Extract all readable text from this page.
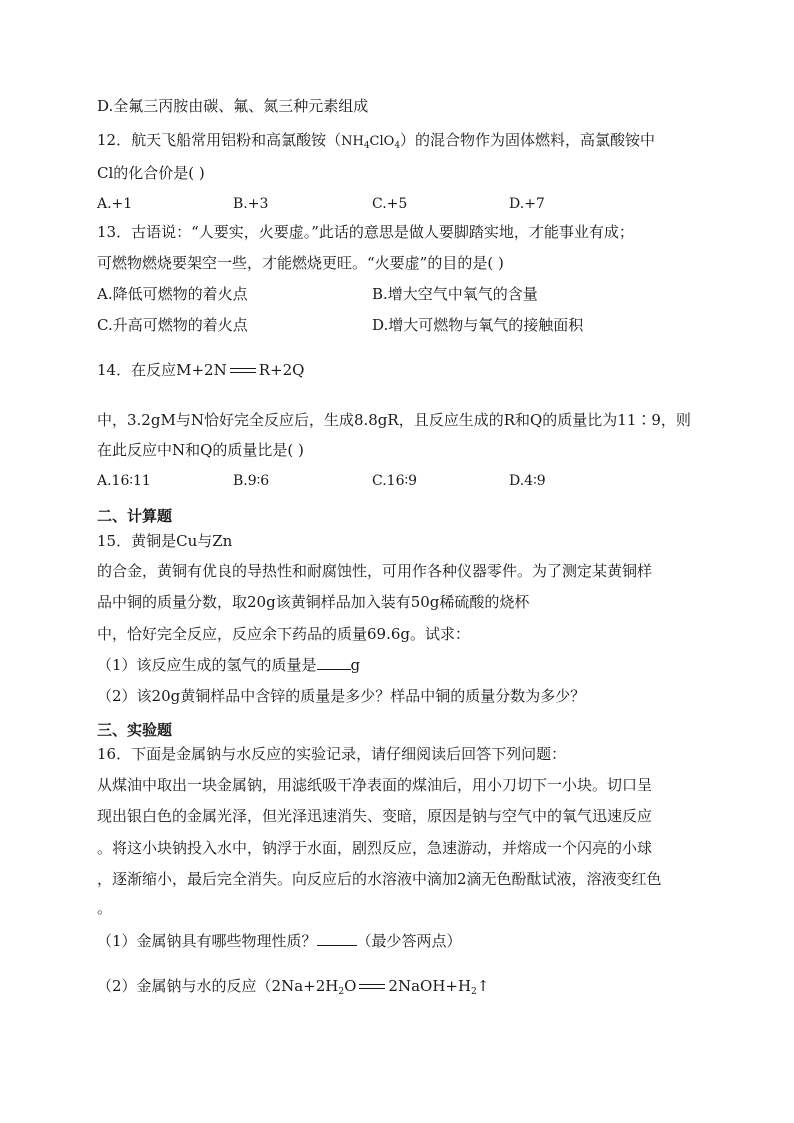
D.全氟三丙胺由碳、氟、氮三种元素组成
12．航天飞船常用铝粉和高氯酸铵$(NH_4ClO_4)$的混合物作为固体燃料，高氯酸铵中
Cl的化合价是( )
A.+1	B.+3	C.+5	D.+7
13．古语说：“人要实，火要虚。”此话的意思是做人要脚踏实地，才能事业有成；
可燃物燃烧要架空一些，才能燃烧更旺。“火要虚”的目的是( )
A.降低可燃物的着火点	B.增大空气中氧气的含量
C.升高可燃物的着火点	D.增大可燃物与氧气的接触面积
14．在反应M+2N R+2Q
中，3.2gM与N恰好完全反应后，生成8.8gR，且反应生成的R和Q的质量比为11∶9，则
在此反应中N和Q的质量比是( )
A.16∶11	B.9∶6	C.16∶9	D.4∶9
二、计算题
15．黄铜是Cu与Zn
的合金，黄铜有优良的导热性和耐腐蚀性，可用作各种仪器零件。为了测定某黄铜样
品中铜的质量分数，取20g该黄铜样品加入装有50g稀硫酸的烧杯
中，恰好完全反应，反应余下药品的质量69.6g。试求：
（1）该反应生成的氢气的质量是 g
（2）该20g黄铜样品中含锌的质量是多少？样品中铜的质量分数为多少？
三、实验题
16．下面是金属钠与水反应的实验记录，请仔细阅读后回答下列问题：
从煤油中取出一块金属钠，用滤纸吸干净表面的煤油后，用小刀切下一小块。切口呈
现出银白色的金属光泽，但光泽迅速消失、变暗，原因是钠与空气中的氧气迅速反应
。将这小块钠投入水中，钠浮于水面，剧烈反应，急速游动，并熔成一个闪亮的小球
，逐渐缩小，最后完全消失。向反应后的水溶液中滴加2滴无色酚酞试液，溶液变红色
。
（1）金属钠具有哪些物理性质？	（最少答两点）
（2）金属钠与水的反应（$2Na+2H_2O$ $2NaOH+H_2↑$
